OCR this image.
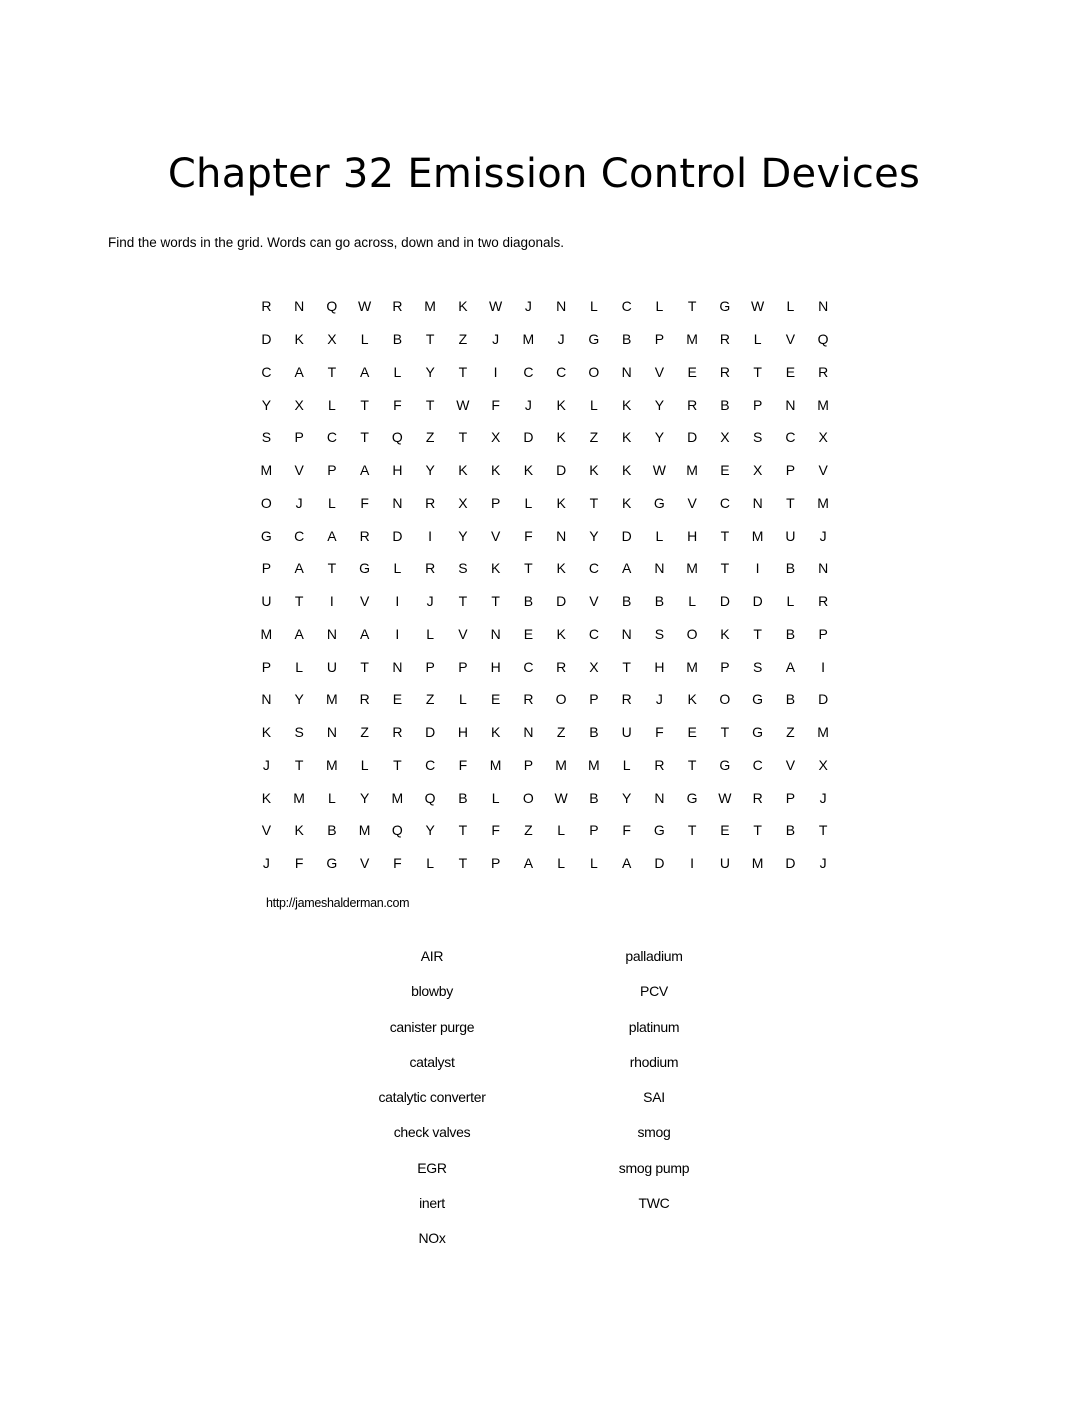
Chapter 32 Emission Control Devices
Find the words in the grid. Words can go across, down and in two diagonals.
R	N	Q	W	R	M	K	W	J	N	L	C	L	T	G	W	L	N
D	K	X	L	B	T	Z	J	M	J	G	B	P	M	R	L	V	Q
C	A	T	A	L	Y	T	I	C	C	O	N	V	E	R	T	E	R
Y	X	L	T	F	T	W	F	J	K	L	K	Y	R	B	P	N	M
S	P	C	T	Q	Z	T	X	D	K	Z	K	Y	D	X	S	C	X
M	V	P	A	H	Y	K	K	K	D	K	K	W	M	E	X	P	V
O	J	L	F	N	R	X	P	L	K	T	K	G	V	C	N	T	M
G	C	A	R	D	I	Y	V	F	N	Y	D	L	H	T	M	U	J
P	A	T	G	L	R	S	K	T	K	C	A	N	M	T	I	B	N
U	T	I	V	I	J	T	T	B	D	V	B	B	L	D	D	L	R
M	A	N	A	I	L	V	N	E	K	C	N	S	O	K	T	B	P
P	L	U	T	N	P	P	H	C	R	X	T	H	M	P	S	A	I
N	Y	M	R	E	Z	L	E	R	O	P	R	J	K	O	G	B	D
K	S	N	Z	R	D	H	K	N	Z	B	U	F	E	T	G	Z	M
J	T	M	L	T	C	F	M	P	M	M	L	R	T	G	C	V	X
K	M	L	Y	M	Q	B	L	O	W	B	Y	N	G	W	R	P	J
V	K	B	M	Q	Y	T	F	Z	L	P	F	G	T	E	T	B	T
J	F	G	V	F	L	T	P	A	L	L	A	D	I	U	M	D	J
http://jameshalderman.com
AIR
blowby
canister purge
catalyst
catalytic converter
check valves
EGR
inert
NOx
palladium
PCV
platinum
rhodium
SAI
smog
smog pump
TWC
